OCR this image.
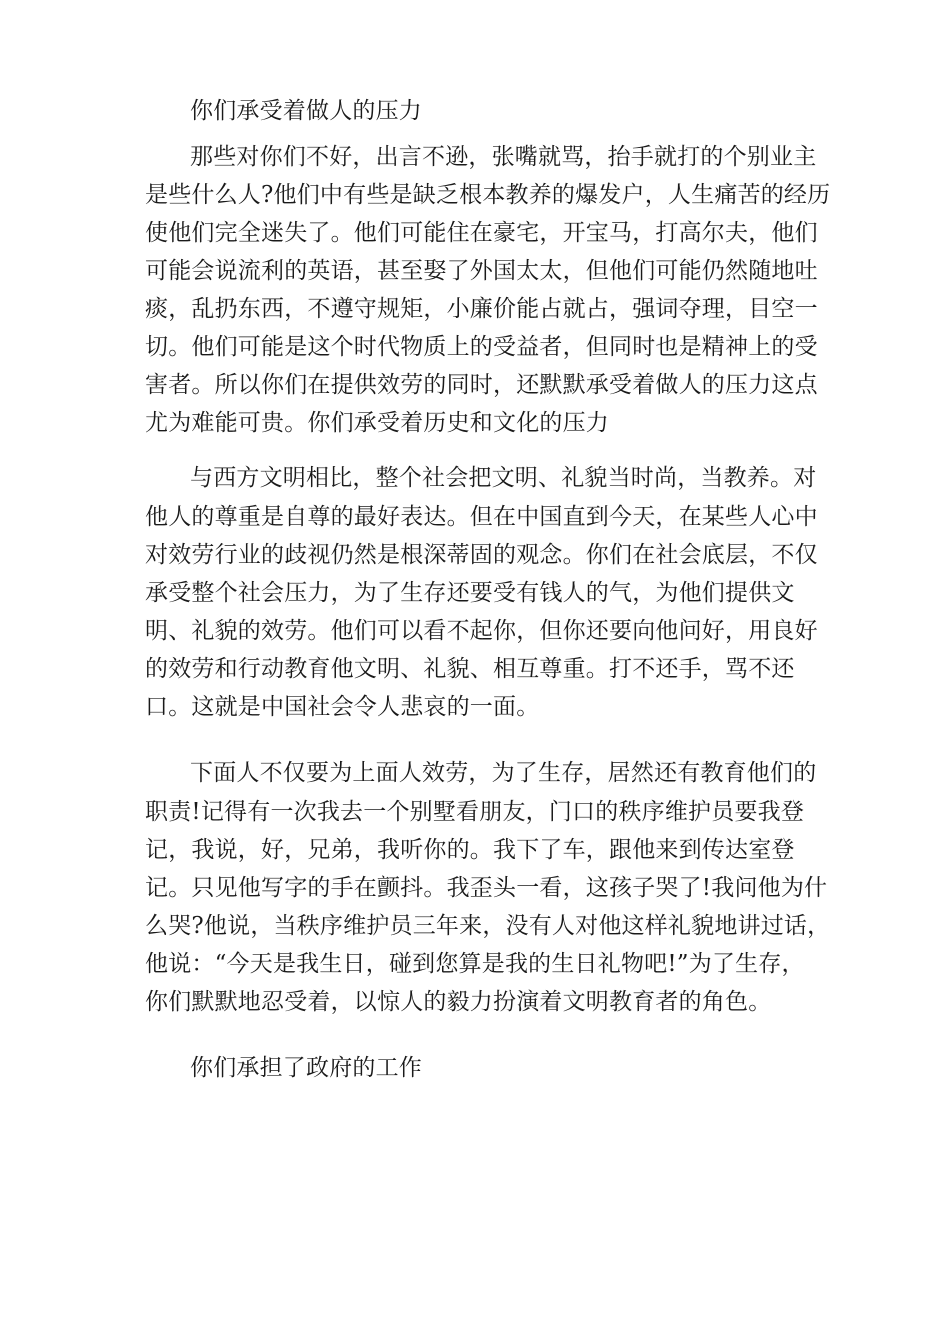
你们承受着做人的压力
那些对你们不好，出言不逊，张嘴就骂，抬手就打的个别业主
是些什么人?他们中有些是缺乏根本教养的爆发户，人生痛苦的经历
使他们完全迷失了。他们可能住在豪宅，开宝马，打高尔夫，他们
可能会说流利的英语，甚至娶了外国太太，但他们可能仍然随地吐
痰，乱扔东西，不遵守规矩，小廉价能占就占，强词夺理，目空一
切。他们可能是这个时代物质上的受益者，但同时也是精神上的受
害者。所以你们在提供效劳的同时，还默默承受着做人的压力这点
尤为难能可贵。你们承受着历史和文化的压力
与西方文明相比，整个社会把文明、礼貌当时尚，当教养。对
他人的尊重是自尊的最好表达。但在中国直到今天，在某些人心中
对效劳行业的歧视仍然是根深蒂固的观念。你们在社会底层，不仅
承受整个社会压力，为了生存还要受有钱人的气，为他们提供文
明、礼貌的效劳。他们可以看不起你，但你还要向他问好，用良好
的效劳和行动教育他文明、礼貌、相互尊重。打不还手，骂不还
口。这就是中国社会令人悲哀的一面。
下面人不仅要为上面人效劳，为了生存，居然还有教育他们的
职责!记得有一次我去一个别墅看朋友，门口的秩序维护员要我登
记，我说，好，兄弟，我听你的。我下了车，跟他来到传达室登
记。只见他写字的手在颤抖。我歪头一看，这孩子哭了!我问他为什
么哭?他说，当秩序维护员三年来，没有人对他这样礼貌地讲过话，
他说：“今天是我生日，碰到您算是我的生日礼物吧!”为了生存，
你们默默地忍受着，以惊人的毅力扮演着文明教育者的角色。
你们承担了政府的工作
